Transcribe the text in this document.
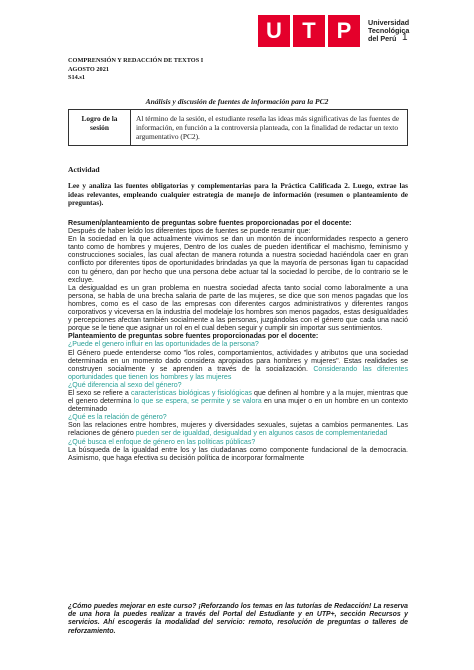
U T P	Universidad
Tecnológica
del Perú 1
COMPRENSIÓN Y REDACCIÓN DE TEXTOS I
AGOSTO 2021
S14.s1
Análisis y discusión de fuentes de información para la PC2
Logro de la sesión	Al término de la sesión, el estudiante reseña las ideas más significativas de las fuentes de información, en función a la controversia planteada, con la finalidad de redactar un texto argumentativo (PC2).
Actividad
Lee y analiza las fuentes obligatorias y complementarias para la Práctica Calificada 2. Luego, extrae las ideas relevantes, empleando cualquier estrategia de manejo de información (resumen o planteamiento de preguntas).

Resumen/planteamiento de preguntas sobre fuentes proporcionadas por el docente:

Después de haber leído los diferentes tipos de fuentes se puede resumir que:

En la sociedad en la que actualmente vivimos se dan un montón de inconformidades respecto a genero tanto como de hombres y mujeres, Dentro de los cuales de pueden identificar el machismo, feminismo y construcciones sociales, las cual afectan de manera rotunda a nuestra sociedad haciéndola caer en gran conflicto por diferentes tipos de oportunidades brindadas ya que la mayoría de personas ligan tu capacidad con tu género, dan por hecho que una persona debe actuar tal la sociedad lo percibe, de lo contrario se le excluye.

La desigualdad es un gran problema en nuestra sociedad afecta tanto social como laboralmente a una persona, se habla de una brecha salaria de parte de las mujeres, se dice que son menos pagadas que los hombres, como es el caso de las empresas con diferentes cargos administrativos y diferentes rangos corporativos y viceversa en la industria del modelaje los hombres son menos pagados, estas desigualdades y percepciones afectan también socialmente a las personas, juzgándolas con el género que cada una nació porque se le tiene que asignar un rol en el cual deben seguir y cumplir sin importar sus sentimientos.

Planteamiento de preguntas sobre fuentes proporcionadas por el docente:

¿Puede el genero influir en las oportunidades de la persona?

El Género puede entenderse como "los roles, comportamientos, actividades y atributos que una sociedad determinada en un momento dado considera apropiados para hombres y mujeres". Estas realidades se construyen socialmente y se aprenden a través de la socialización. Considerando las diferentes oportunidades que tienen los hombres y las mujeres

¿Qué diferencia al sexo del género?

El sexo se refiere a características biológicas y fisiológicas que definen al hombre y a la mujer, mientras que el genero determina lo que se espera, se permite y se valora en una mujer o en un hombre en un contexto determinado

¿Qué es la relación de género?

Son las relaciones entre hombres, mujeres y diversidades sexuales, sujetas a cambios permanentes. Las relaciones de género pueden ser de igualdad, desigualdad y en algunos casos de complementariedad

¿Qué busca el enfoque de género en las políticas públicas?

La búsqueda de la igualdad entre los y las ciudadanas como componente fundacional de la democracia. Asimismo, que haga efectiva su decisión política de incorporar formalmente

¿Cómo puedes mejorar en este curso? ¡Reforzando los temas en las tutorías de Redacción! La reserva de una hora la puedes realizar a través del Portal del Estudiante y en UTP+, sección Recursos y servicios. Ahí escogerás la modalidad del servicio: remoto, resolución de preguntas o talleres de reforzamiento.
